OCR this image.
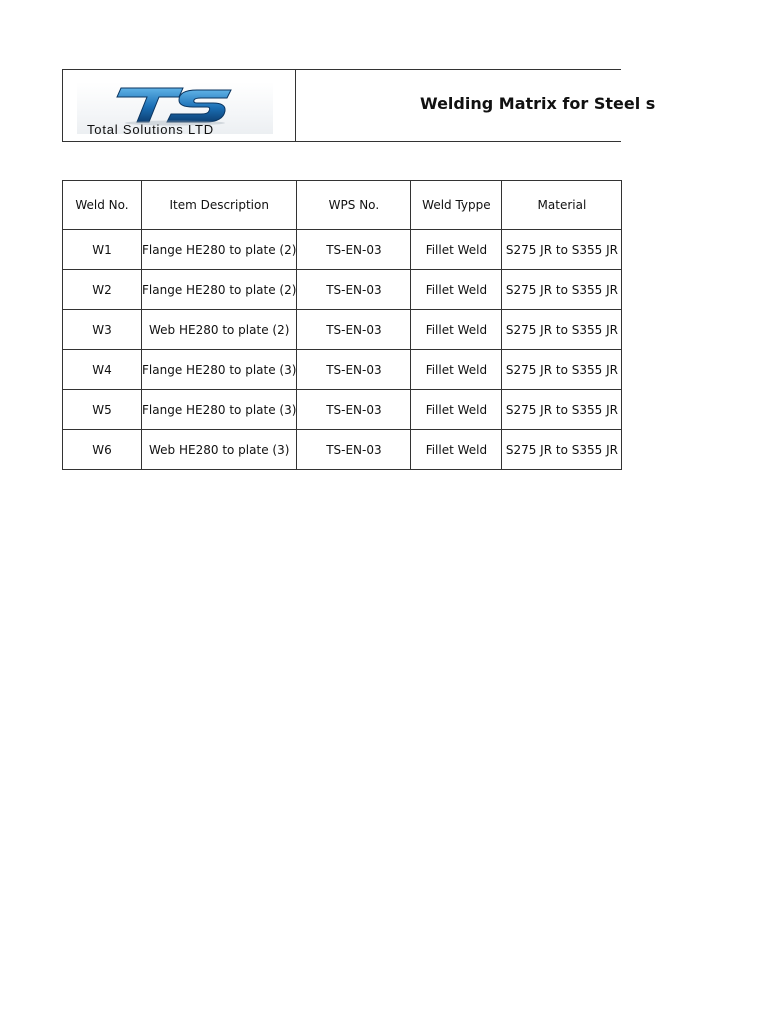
Total Solutions LTD
Welding Matrix for Steel s
Weld No.	Item Description	WPS No.	Weld Typpe	Material
W1	Flange HE280 to plate (2)	TS-EN-03	Fillet Weld	S275 JR to S355 JR
W2	Flange HE280 to plate (2)	TS-EN-03	Fillet Weld	S275 JR to S355 JR
W3	Web HE280 to plate (2)	TS-EN-03	Fillet Weld	S275 JR to S355 JR
W4	Flange HE280 to plate (3)	TS-EN-03	Fillet Weld	S275 JR to S355 JR
W5	Flange HE280 to plate (3)	TS-EN-03	Fillet Weld	S275 JR to S355 JR
W6	Web HE280 to plate (3)	TS-EN-03	Fillet Weld	S275 JR to S355 JR
